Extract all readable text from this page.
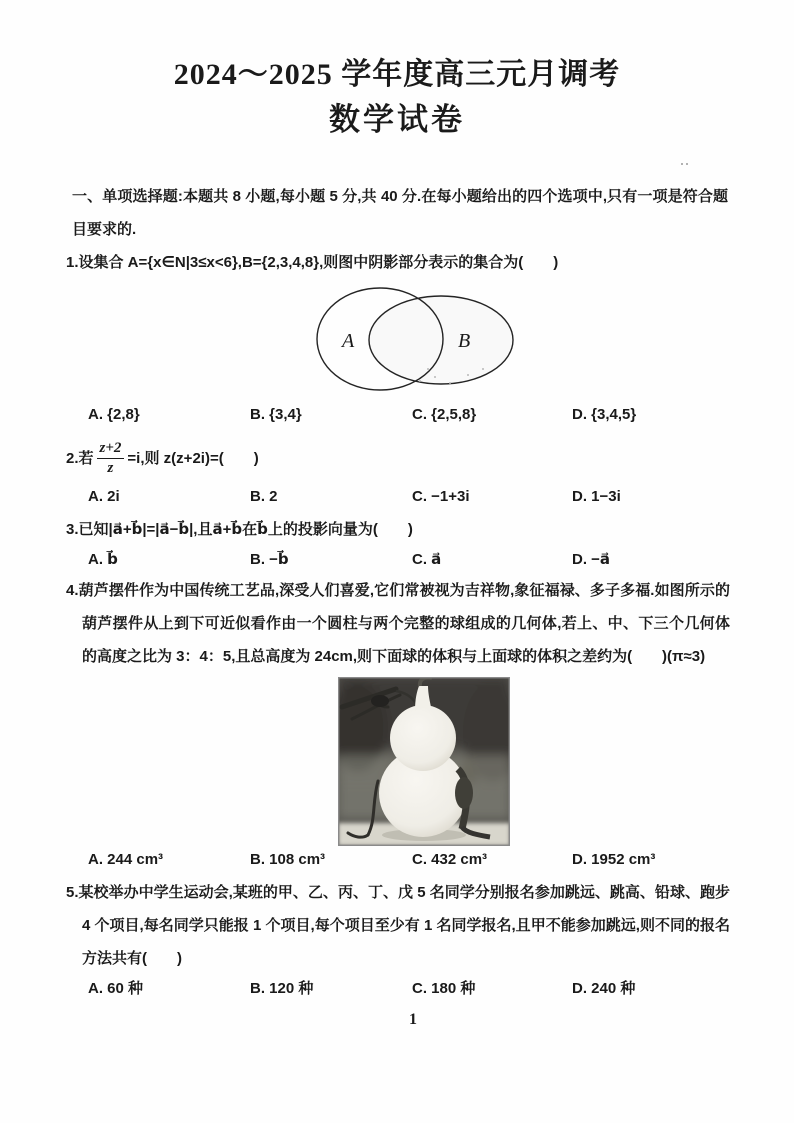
2024～2025 学年度高三元月调考
数学试卷

一、单项选择题:本题共 8 小题,每小题 5 分,共 40 分.在每小题给出的四个选项中,只有一项是符合题目要求的.

1.设集合 A={x∈N|3≤x<6},B={2,3,4,8},则图中阴影部分表示的集合为(　　)

A	B
A. {2,8}	B. {3,4}	C. {2,5,8}	D. {3,4,5}

2. 若 $\frac{z+2}{z} =i$,则 z(z+2i)=(　　)

A. 2i	B. 2	C. −1+3i	D. 1−3i

3.已知|a⃗+b⃗|=|a⃗−b⃗|,且a⃗+b⃗在b⃗上的投影向量为(　　)

A. b⃗	B. −b⃗	C. a⃗	D. −a⃗

4.葫芦摆件作为中国传统工艺品,深受人们喜爱,它们常被视为吉祥物,象征福禄、多子多福.如图所示的葫芦摆件从上到下可近似看作由一个圆柱与两个完整的球组成的几何体,若上、中、下三个几何体的高度之比为 3：4：5,且总高度为 24cm,则下面球的体积与上面球的体积之差约为(　　)(π≈3)

A. 244 cm³	B. 108 cm³	C. 432 cm³	D. 1952 cm³

5.某校举办中学生运动会,某班的甲、乙、丙、丁、戊 5 名同学分别报名参加跳远、跳高、铅球、跑步 4 个项目,每名同学只能报 1 个项目,每个项目至少有 1 名同学报名,且甲不能参加跳远,则不同的报名方法共有(　　)

A. 60 种	B. 120 种	C. 180 种	D. 240 种
1
